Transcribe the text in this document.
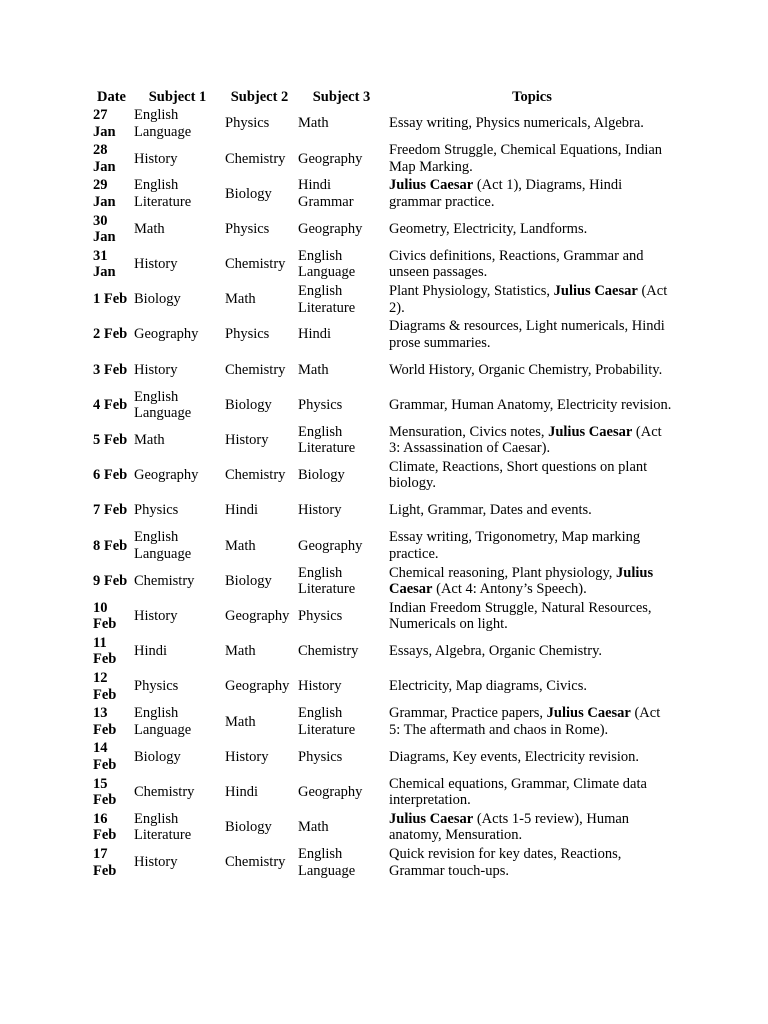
Date	Subject 1	Subject 2	Subject 3	Topics
27 Jan	English Language	Physics	Math	Essay writing, Physics numericals, Algebra.
28 Jan	History	Chemistry	Geography	Freedom Struggle, Chemical Equations, Indian Map Marking.
29 Jan	English Literature	Biology	Hindi Grammar	Julius Caesar (Act 1), Diagrams, Hindi grammar practice.
30 Jan	Math	Physics	Geography	Geometry, Electricity, Landforms.
31 Jan	History	Chemistry	English Language	Civics definitions, Reactions, Grammar and unseen passages.
1 Feb	Biology	Math	English Literature	Plant Physiology, Statistics, Julius Caesar (Act 2).
2 Feb	Geography	Physics	Hindi	Diagrams & resources, Light numericals, Hindi prose summaries.
3 Feb	History	Chemistry	Math	World History, Organic Chemistry, Probability.
4 Feb	English Language	Biology	Physics	Grammar, Human Anatomy, Electricity revision.
5 Feb	Math	History	English Literature	Mensuration, Civics notes, Julius Caesar (Act 3: Assassination of Caesar).
6 Feb	Geography	Chemistry	Biology	Climate, Reactions, Short questions on plant biology.
7 Feb	Physics	Hindi	History	Light, Grammar, Dates and events.
8 Feb	English Language	Math	Geography	Essay writing, Trigonometry, Map marking practice.
9 Feb	Chemistry	Biology	English Literature	Chemical reasoning, Plant physiology, Julius Caesar (Act 4: Antony’s Speech).
10 Feb	History	Geography	Physics	Indian Freedom Struggle, Natural Resources, Numericals on light.
11 Feb	Hindi	Math	Chemistry	Essays, Algebra, Organic Chemistry.
12 Feb	Physics	Geography	History	Electricity, Map diagrams, Civics.
13 Feb	English Language	Math	English Literature	Grammar, Practice papers, Julius Caesar (Act 5: The aftermath and chaos in Rome).
14 Feb	Biology	History	Physics	Diagrams, Key events, Electricity revision.
15 Feb	Chemistry	Hindi	Geography	Chemical equations, Grammar, Climate data interpretation.
16 Feb	English Literature	Biology	Math	Julius Caesar (Acts 1-5 review), Human anatomy, Mensuration.
17 Feb	History	Chemistry	English Language	Quick revision for key dates, Reactions, Grammar touch-ups.
